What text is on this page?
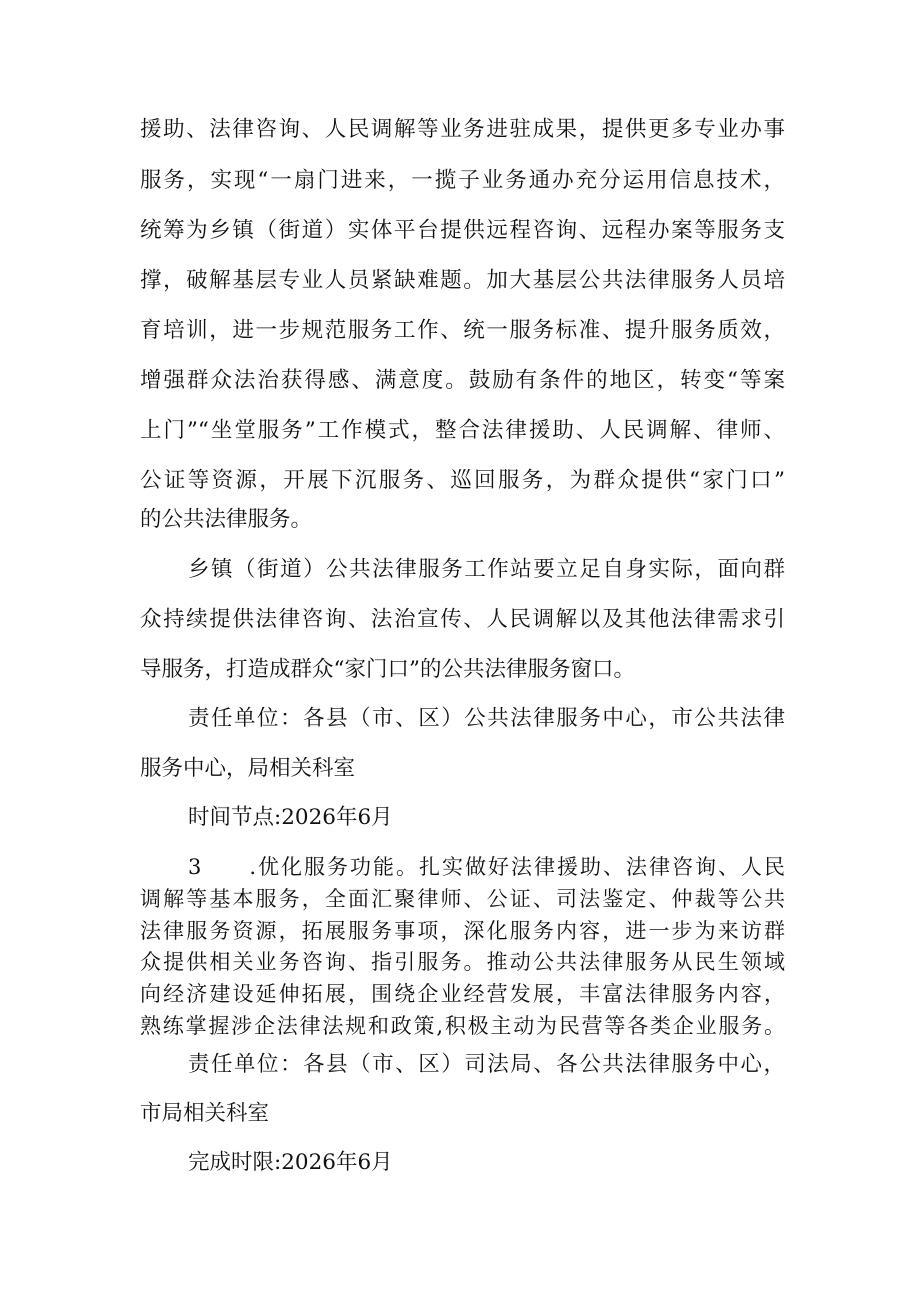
援助、法律咨询、人民调解等业务进驻成果，提供更多专业办事
服务，实现“一扇门进来，一揽子业务通办充分运用信息技术，
统筹为乡镇（街道）实体平台提供远程咨询、远程办案等服务支
撑，破解基层专业人员紧缺难题。加大基层公共法律服务人员培
育培训，进一步规范服务工作、统一服务标准、提升服务质效，
增强群众法治获得感、满意度。鼓励有条件的地区，转变“等案
上门”“坐堂服务”工作模式，整合法律援助、人民调解、律师、
公证等资源，开展下沉服务、巡回服务，为群众提供“家门口”
的公共法律服务。
乡镇（街道）公共法律服务工作站要立足自身实际，面向群
众持续提供法律咨询、法治宣传、人民调解以及其他法律需求引
导服务，打造成群众“家门口”的公共法律服务窗口。
责任单位：各县（市、区）公共法律服务中心，市公共法律
服务中心，局相关科室
时间节点:2026年6月
3　　.优化服务功能。扎实做好法律援助、法律咨询、人民
调解等基本服务，全面汇聚律师、公证、司法鉴定、仲裁等公共
法律服务资源，拓展服务事项，深化服务内容，进一步为来访群
众提供相关业务咨询、指引服务。推动公共法律服务从民生领域
向经济建设延伸拓展，围绕企业经营发展，丰富法律服务内容，
熟练掌握涉企法律法规和政策,积极主动为民营等各类企业服务。
责任单位：各县（市、区）司法局、各公共法律服务中心，
市局相关科室
完成时限:2026年6月
